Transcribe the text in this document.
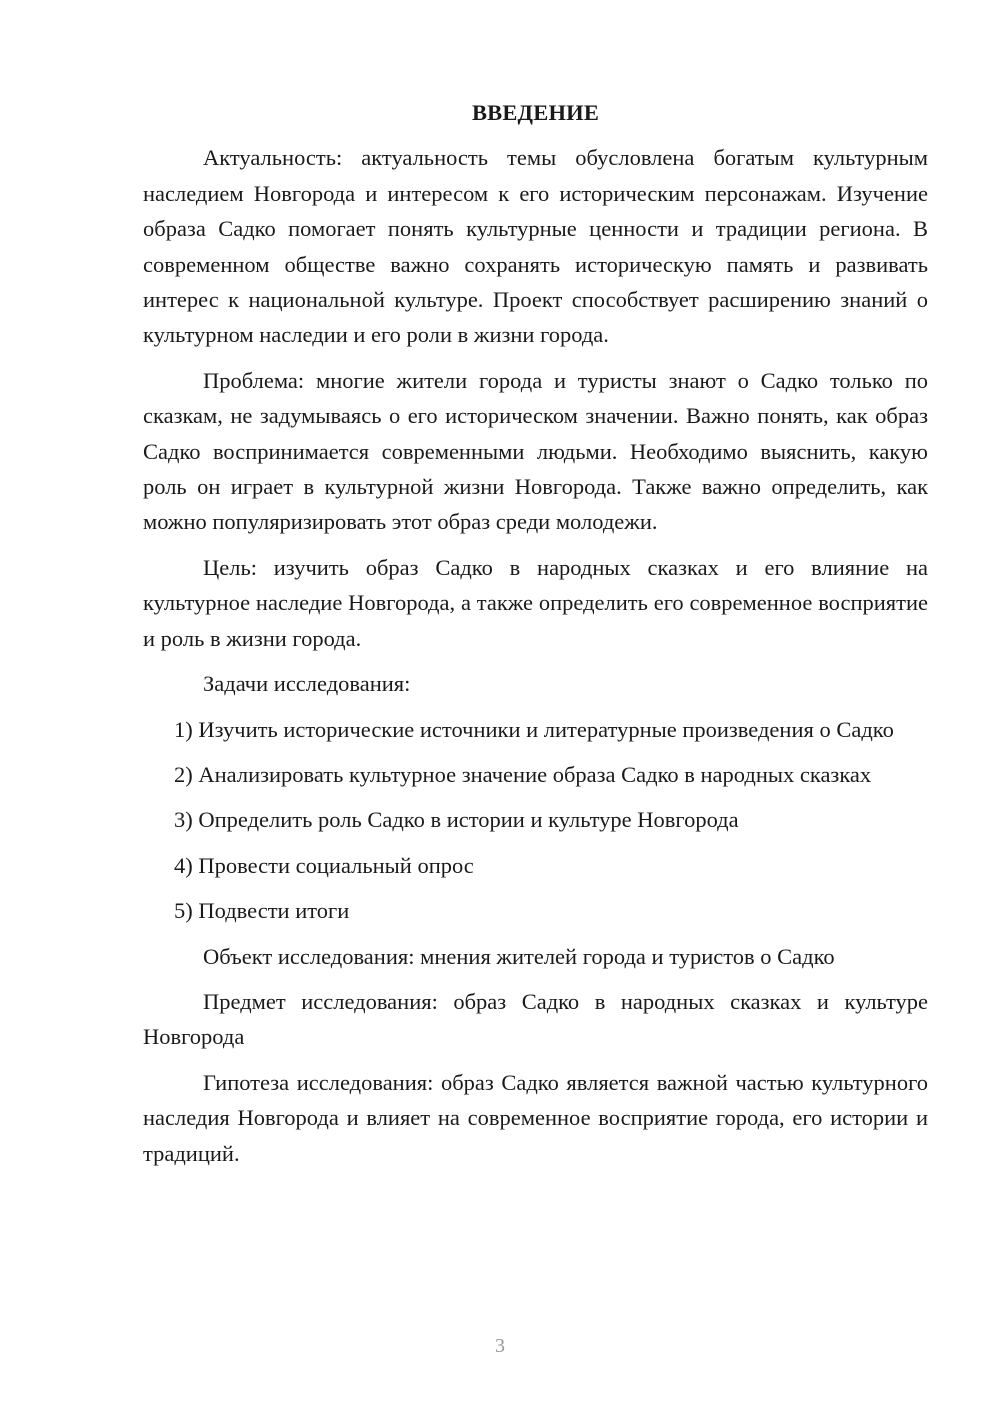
ВВЕДЕНИЕ

Актуальность: актуальность темы обусловлена богатым культурным наследием Новгорода и интересом к его историческим персонажам. Изучение образа Садко помогает понять культурные ценности и традиции региона. В современном обществе важно сохранять историческую память и развивать интерес к национальной культуре. Проект способствует расширению знаний о культурном наследии и его роли в жизни города.

Проблема: многие жители города и туристы знают о Садко только по сказкам, не задумываясь о его историческом значении. Важно понять, как образ Садко воспринимается современными людьми. Необходимо выяснить, какую роль он играет в культурной жизни Новгорода. Также важно определить, как можно популяризировать этот образ среди молодежи.

Цель: изучить образ Садко в народных сказках и его влияние на культурное наследие Новгорода, а также определить его современное восприятие и роль в жизни города.

Задачи исследования:

1) Изучить исторические источники и литературные произведения о Садко

2) Анализировать культурное значение образа Садко в народных сказках

3) Определить роль Садко в истории и культуре Новгорода

4) Провести социальный опрос

5) Подвести итоги

Объект исследования: мнения жителей города и туристов о Садко

Предмет исследования: образ Садко в народных сказках и культуре Новгорода

Гипотеза исследования: образ Садко является важной частью культурного наследия Новгорода и влияет на современное восприятие города, его истории и традиций.

3
